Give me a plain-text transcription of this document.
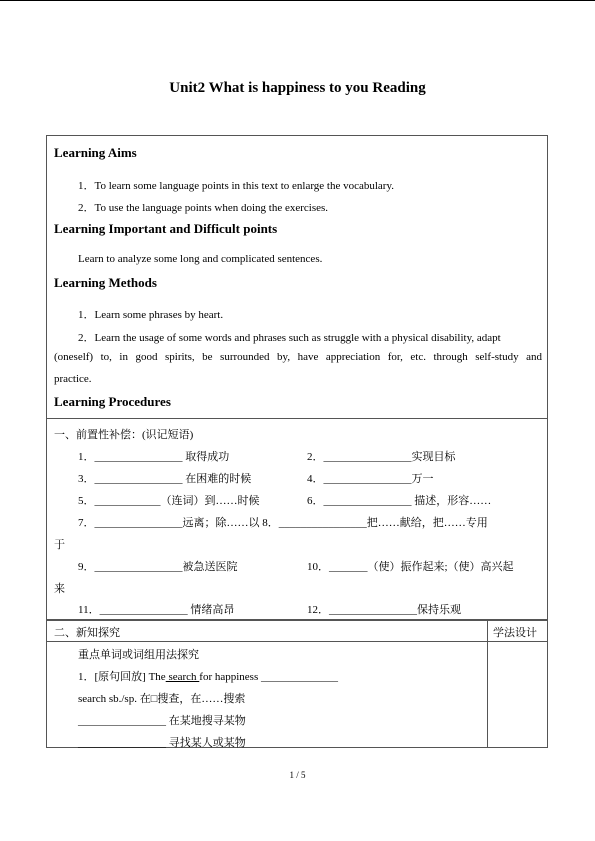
Unit2 What is happiness to you Reading
Learning Aims
1．To learn some language points in this text to enlarge the vocabulary.
2．To use the language points when doing the exercises.
Learning Important and Difficult points
Learn to analyze some long and complicated sentences.
Learning Methods
1．Learn some phrases by heart.
2．Learn the usage of some words and phrases such as struggle with a physical disability, adapt
(oneself) to, in good spirits, be surrounded by, have appreciation for, etc. through self-study and
practice.
Learning Procedures
一、前置性补偿：(识记短语)
1．________________ 取得成功	2．________________实现目标
3．________________ 在困难的时候	4．________________万一
5．____________（连词）到……时候	6．________________ 描述，形容……
7．________________远离；除……以 8．________________把……献给，把……专用
于
9．________________被急送医院	10．_______（使）振作起来;（使）高兴起
来
11．________________ 情绪高昂	12．________________保持乐观
二、新知探究	学法设计
重点单词或词组用法探究
1．[原句回放] The search for happiness ______________
search sb./sp. 在□搜查，在……搜索
________________ 在某地搜寻某物
________________ 寻找某人或某物
1 / 5
